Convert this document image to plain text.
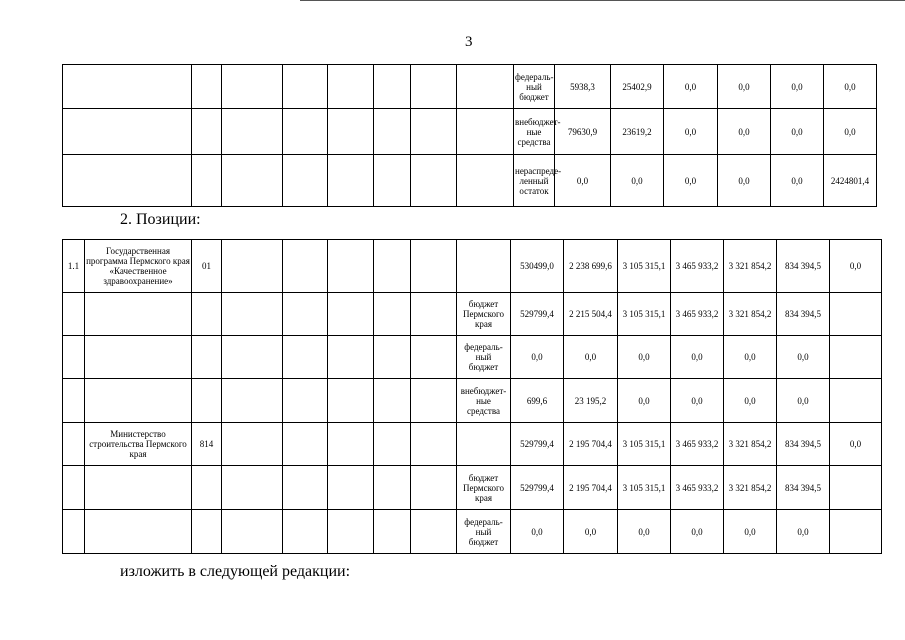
3
								федераль-
ный
бюджет	5938,3	25402,9	0,0	0,0	0,0	0,0
								внебюджет-
ные
средства	79630,9	23619,2	0,0	0,0	0,0	0,0
								нераспреде-
ленный
остаток	0,0	0,0	0,0	0,0	0,0	2424801,4
2. Позиции:
1.1	Государственная программа Пермского края «Качественное здравоохранение»	01							530499,0	2 238 699,6	3 105 315,1	3 465 933,2	3 321 854,2	834 394,5	0,0
								бюджет
Пермского
края	529799,4	2 215 504,4	3 105 315,1	3 465 933,2	3 321 854,2	834 394,5	
								федераль-
ный
бюджет	0,0	0,0	0,0	0,0	0,0	0,0	
								внебюджет-
ные
средства	699,6	23 195,2	0,0	0,0	0,0	0,0	
	Министерство строительства Пермского края	814							529799,4	2 195 704,4	3 105 315,1	3 465 933,2	3 321 854,2	834 394,5	0,0
								бюджет
Пермского
края	529799,4	2 195 704,4	3 105 315,1	3 465 933,2	3 321 854,2	834 394,5	
								федераль-
ный
бюджет	0,0	0,0	0,0	0,0	0,0	0,0	
изложить в следующей редакции:
